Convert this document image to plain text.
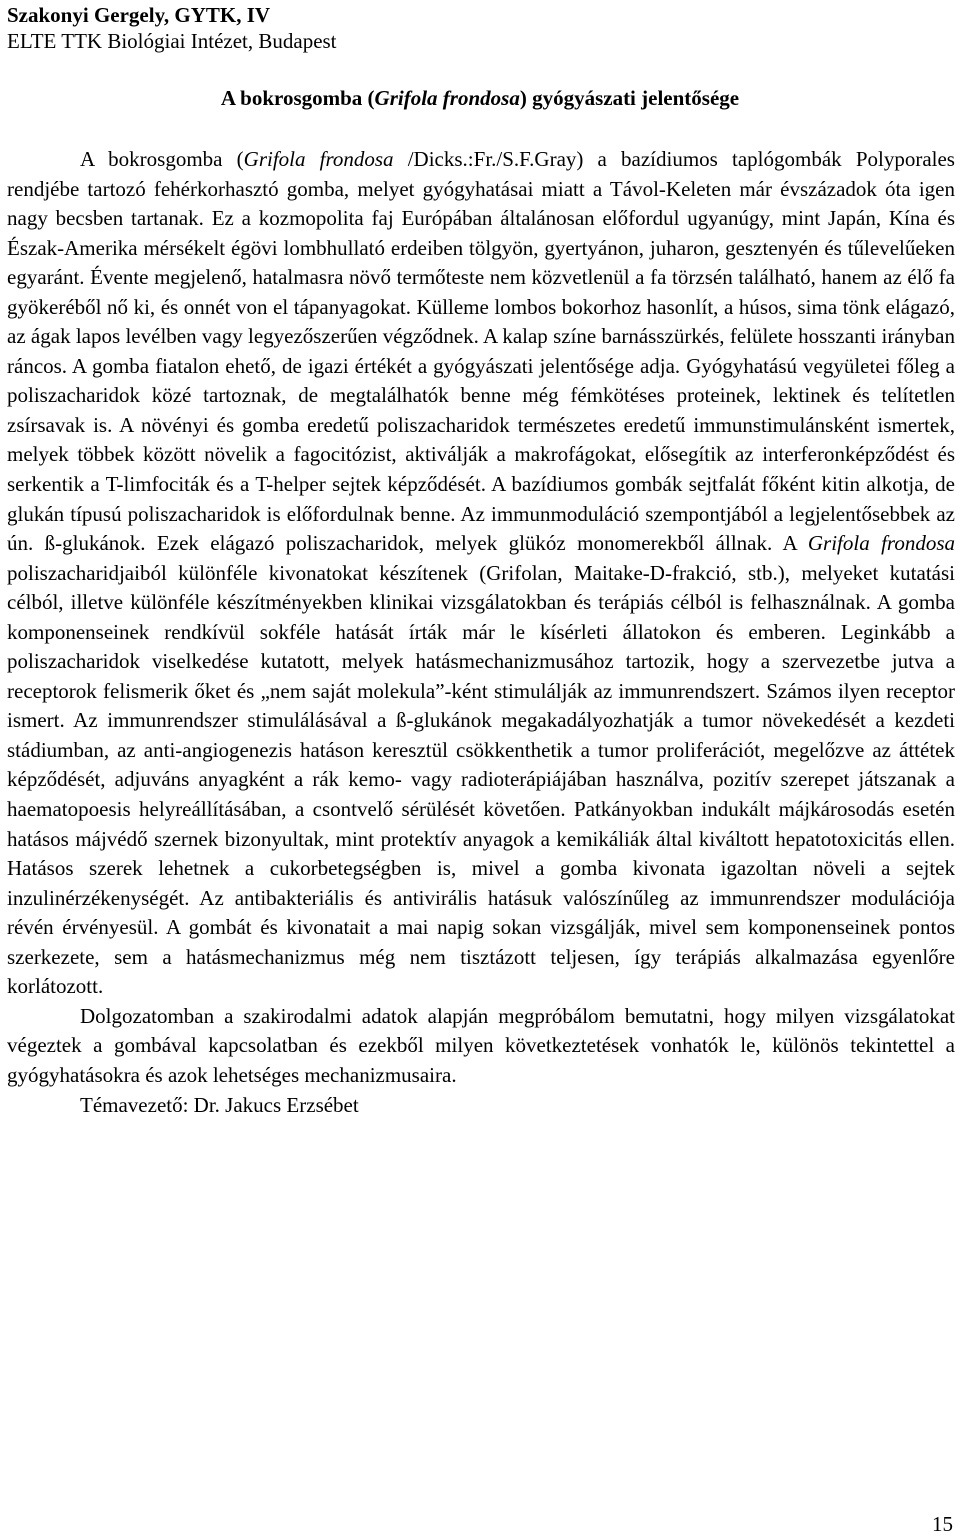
Szakonyi Gergely, GYTK, IV

ELTE TTK Biológiai Intézet, Budapest

A bokrosgomba (Grifola frondosa) gyógyászati jelentősége

A bokrosgomba (Grifola frondosa /Dicks.:Fr./S.F.Gray) a bazídiumos taplógombák Polyporales rendjébe tartozó fehérkorhasztó gomba, melyet gyógyhatásai miatt a Távol-Keleten már évszázadok óta igen nagy becsben tartanak. Ez a kozmopolita faj Európában általánosan előfordul ugyanúgy, mint Japán, Kína és Észak-Amerika mérsékelt égövi lombhullató erdeiben tölgyön, gyertyánon, juharon, gesztenyén és tűlevelűeken egyaránt. Évente megjelenő, hatalmasra növő termőteste nem közvetlenül a fa törzsén található, hanem az élő fa gyökeréből nő ki, és onnét von el tápanyagokat. Külleme lombos bokorhoz hasonlít, a húsos, sima tönk elágazó, az ágak lapos levélben vagy legyezőszerűen végződnek. A kalap színe barnásszürkés, felülete hosszanti irányban ráncos. A gomba fiatalon ehető, de igazi értékét a gyógyászati jelentősége adja. Gyógyhatású vegyületei főleg a poliszacharidok közé tartoznak, de megtalálhatók benne még fémkötéses proteinek, lektinek és telítetlen zsírsavak is. A növényi és gomba eredetű poliszacharidok természetes eredetű immunstimulánsként ismertek, melyek többek között növelik a fagocitózist, aktiválják a makrofágokat, elősegítik az interferonképződést és serkentik a T-limfociták és a T-helper sejtek képződését. A bazídiumos gombák sejtfalát főként kitin alkotja, de glukán típusú poliszacharidok is előfordulnak benne. Az immunmoduláció szempontjából a legjelentősebbek az ún. ß-glukánok. Ezek elágazó poliszacharidok, melyek glükóz monomerekből állnak. A Grifola frondosa poliszacharidjaiból különféle kivonatokat készítenek (Grifolan, Maitake-D-frakció, stb.), melyeket kutatási célból, illetve különféle készítményekben klinikai vizsgálatokban és terápiás célból is felhasználnak. A gomba komponenseinek rendkívül sokféle hatását írták már le kísérleti állatokon és emberen. Leginkább a poliszacharidok viselkedése kutatott, melyek hatásmechanizmusához tartozik, hogy a szervezetbe jutva a receptorok felismerik őket és „nem saját molekula”-ként stimulálják az immunrendszert. Számos ilyen receptor ismert. Az immunrendszer stimulálásával a ß-glukánok megakadályozhatják a tumor növekedését a kezdeti stádiumban, az anti-angiogenezis hatáson keresztül csökkenthetik a tumor proliferációt, megelőzve az áttétek képződését, adjuváns anyagként a rák kemo- vagy radioterápiájában használva, pozitív szerepet játszanak a haematopoesis helyreállításában, a csontvelő sérülését követően. Patkányokban indukált májkárosodás esetén hatásos májvédő szernek bizonyultak, mint protektív anyagok a kemikáliák által kiváltott hepatotoxicitás ellen. Hatásos szerek lehetnek a cukorbetegségben is, mivel a gomba kivonata igazoltan növeli a sejtek inzulinérzékenységét. Az antibakteriális és antivirális hatásuk valószínűleg az immunrendszer modulációja révén érvényesül. A gombát és kivonatait a mai napig sokan vizsgálják, mivel sem komponenseinek pontos szerkezete, sem a hatásmechanizmus még nem tisztázott teljesen, így terápiás alkalmazása egyenlőre korlátozott.

Dolgozatomban a szakirodalmi adatok alapján megpróbálom bemutatni, hogy milyen vizsgálatokat végeztek a gombával kapcsolatban és ezekből milyen következtetések vonhatók le, különös tekintettel a gyógyhatásokra és azok lehetséges mechanizmusaira.

Témavezető: Dr. Jakucs Erzsébet

15
